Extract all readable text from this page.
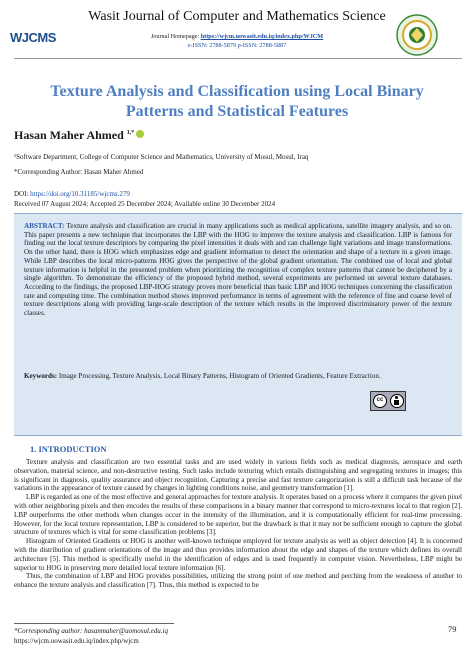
WJCMS
Wasit Journal of Computer and Mathematics Science
Journal Homepage: https://wjcm.uowasit.edu.iq/index.php/WJCM
e-ISSN: 2788-5879 p-ISSN: 2788-5887
Texture Analysis and Classification using Local Binary Patterns and Statistical Features
Hasan Maher Ahmed $^{1,*}$
¹Software Department, College of Computer Science and Mathematics, University of Mosul, Mosul, Iraq
*Corresponding Author: Hasan Maher Ahmed
DOI: https://doi.org/10.31185/wjcms.279
Received 07 August 2024; Accepted 25 December 2024; Available online 30 December 2024
ABSTRACT: Texture analysis and classification are crucial in many applications such as medical applications, satellite imagery analysis, and so on. This paper presents a new technique that incorporates the LBP with the HOG to improve the texture analysis and classification. LBP is famous for finding out the local texture descriptors by comparing the pixel intensities it deals with and can challenge light variations and image transformations. On the other hand, there is HOG which emphasizes edge and gradient information to detect the orientation and shape of a texture in a given image. While LBP describes the local micro-patterns HOG gives the perspective of the global gradient orientation. The combined use of local and global texture information is helpful in the presented problem when prioritizing the recognition of complex texture patterns that cannot be deciphered by a single algorithm. To demonstrate the efficiency of the proposed hybrid method, several experiments are performed on several texture databases. According to the findings, the proposed LBP-HOG strategy proves more beneficial than basic LBP and HOG techniques concerning the classification rate and computing time. The combination method shows improved performance in terms of agreement with the reference of fine and coarse level of texture descriptions along with providing large-scale description of the texture which results in the improved discriminatory power of the texture classes.
Keywords: Image Processing, Texture Analysis, Local Binary Patterns, Histogram of Oriented Gradients, Feature Extraction.
cc
1. INTRODUCTION

Texture analysis and classification are two essential tasks and are used widely in various fields such as medical diagnosis, aerospace and earth observation, material science, and non-destructive testing. Such tasks include texturing which entails distinguishing and segregating textures in images; this is significant in diagnosis, quality assurance and object recognition. Capturing a precise and fast texture categorization is still a difficult task because of the variations in the appearance of texture caused by changes in lighting conditions noise, and geometry transformation [1].

LBP is regarded as one of the most effective and general approaches for texture analysis. It operates based on a process where it compares the given pixel with other neighboring pixels and then encodes the results of these comparisons in a binary manner that correspond to micro-textures local to that region [2]. LBP outperforms the other methods when changes occur in the intensity of the illumination, and it is computationally efficient for real-time processing. However, for the local texture representation, LBP is considered to be superior, but the drawback is that it may not be sufficient enough to capture the global structure of textures which is vital for some classification problems [3].

Histogram of Oriented Gradients or HOG is another well-known technique employed for texture analysis as well as object detection [4]. It is concerned with the distribution of gradient orientations of the image and thus provides information about the edge and shapes of the texture which defines its overall architecture [5]. This method is specifically useful in the identification of edges and is used frequently in computer vision. Nevertheless, LBP might be superior to HOG in preserving more detailed local texture information [6].

Thus, the combination of LBP and HOG provides possibilities, utilizing the strong point of one method and perching from the weakness of another to enhance the texture analysis and classification [7]. Thus, this method is expected to be

*Corresponding author: hasanmaher@uomosul.edu.iq
https://wjcm.uowasit.edu.iq/index.php/wjcm
79
